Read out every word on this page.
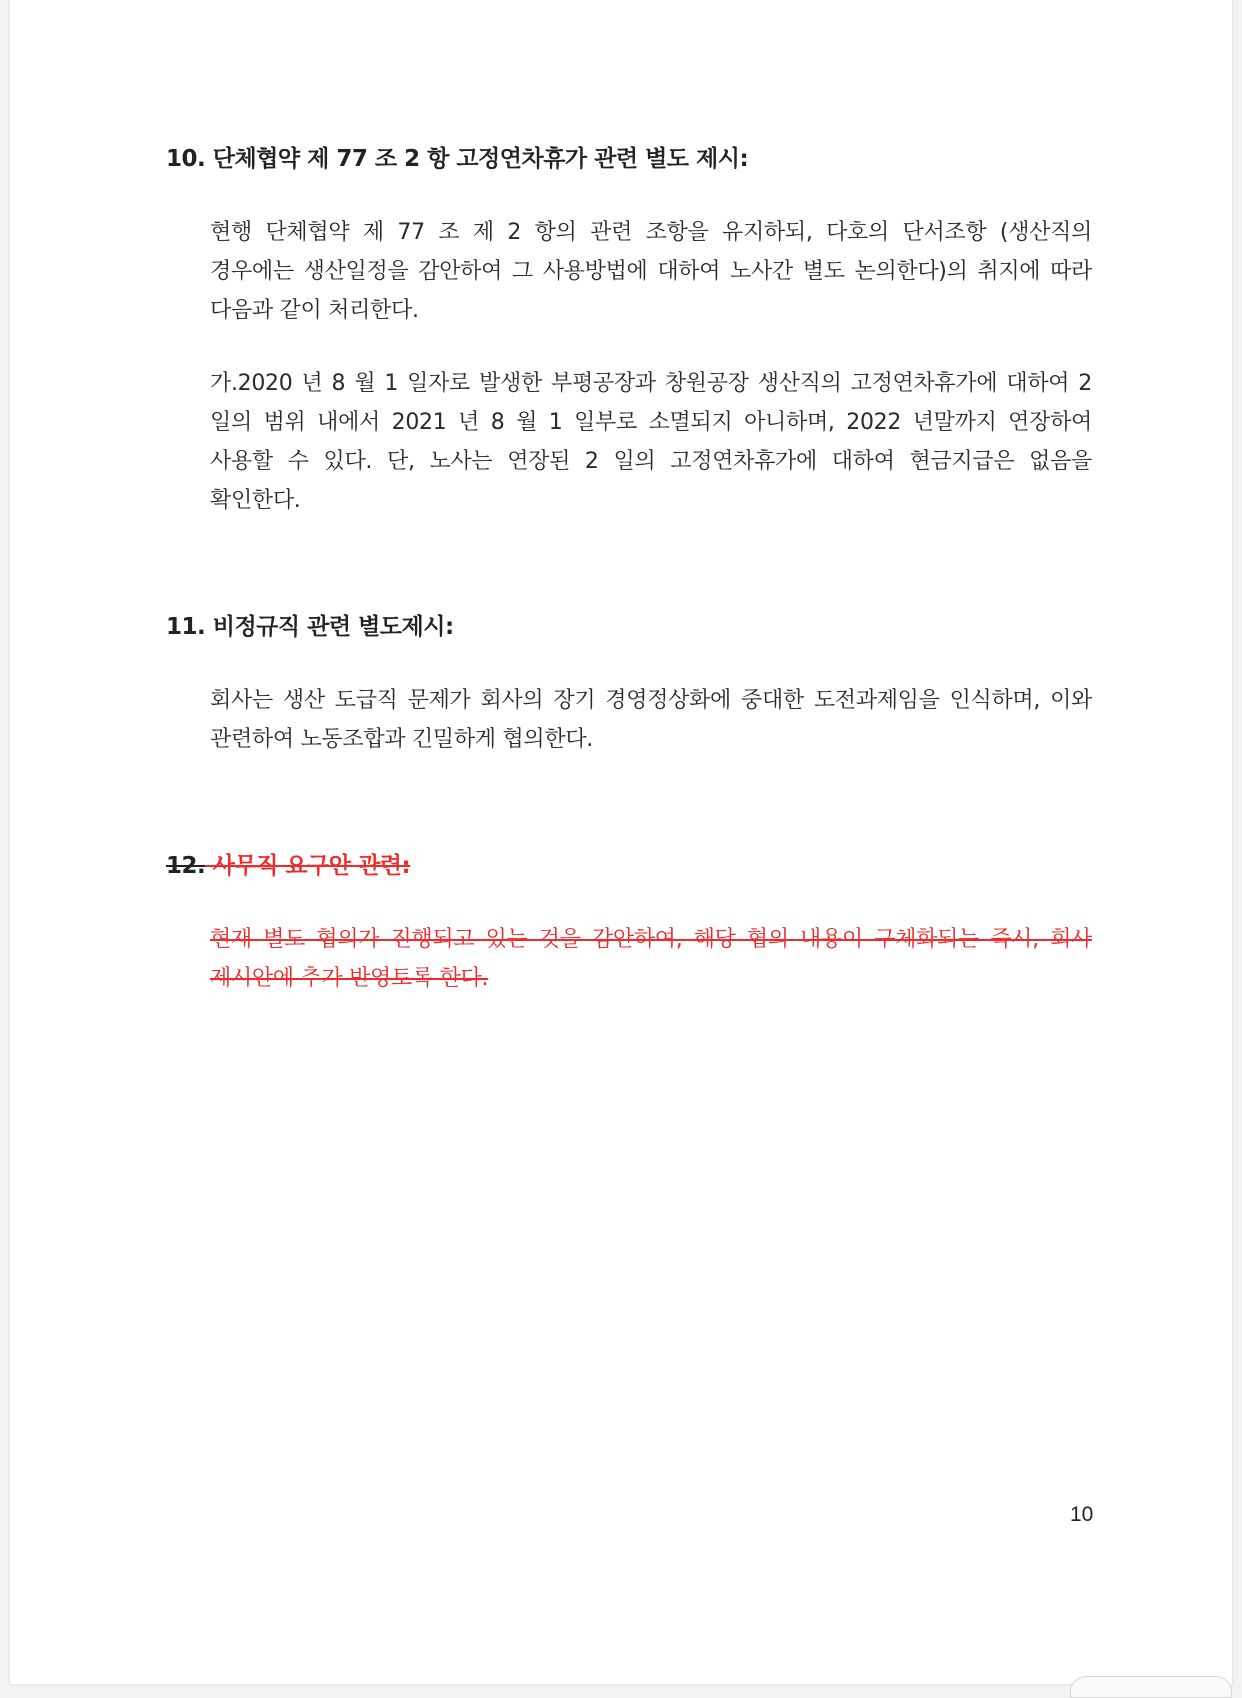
10. 단체협약 제 77 조 2 항 고정연차휴가 관련 별도 제시:
현행 단체협약 제 77 조 제 2 항의 관련 조항을 유지하되, 다호의 단서조항 (생산직의 경우에는 생산일정을 감안하여 그 사용방법에 대하여 노사간 별도 논의한다)의 취지에 따라 다음과 같이 처리한다.
가.2020 년 8 월 1 일자로 발생한 부평공장과 창원공장 생산직의 고정연차휴가에 대하여 2 일의 범위 내에서 2021 년 8 월 1 일부로 소멸되지 아니하며, 2022 년말까지 연장하여 사용할 수 있다. 단, 노사는 연장된 2 일의 고정연차휴가에 대하여 현금지급은 없음을 확인한다.
11. 비정규직 관련 별도제시:
회사는 생산 도급직 문제가 회사의 장기 경영정상화에 중대한 도전과제임을 인식하며, 이와 관련하여 노동조합과 긴밀하게 협의한다.
12. 사무직 요구안 관련:
현재 별도 협의가 진행되고 있는 것을 감안하여, 해당 협의 내용이 구체화되는 즉시, 회사 제시안에 추가 반영토록 한다.
10
